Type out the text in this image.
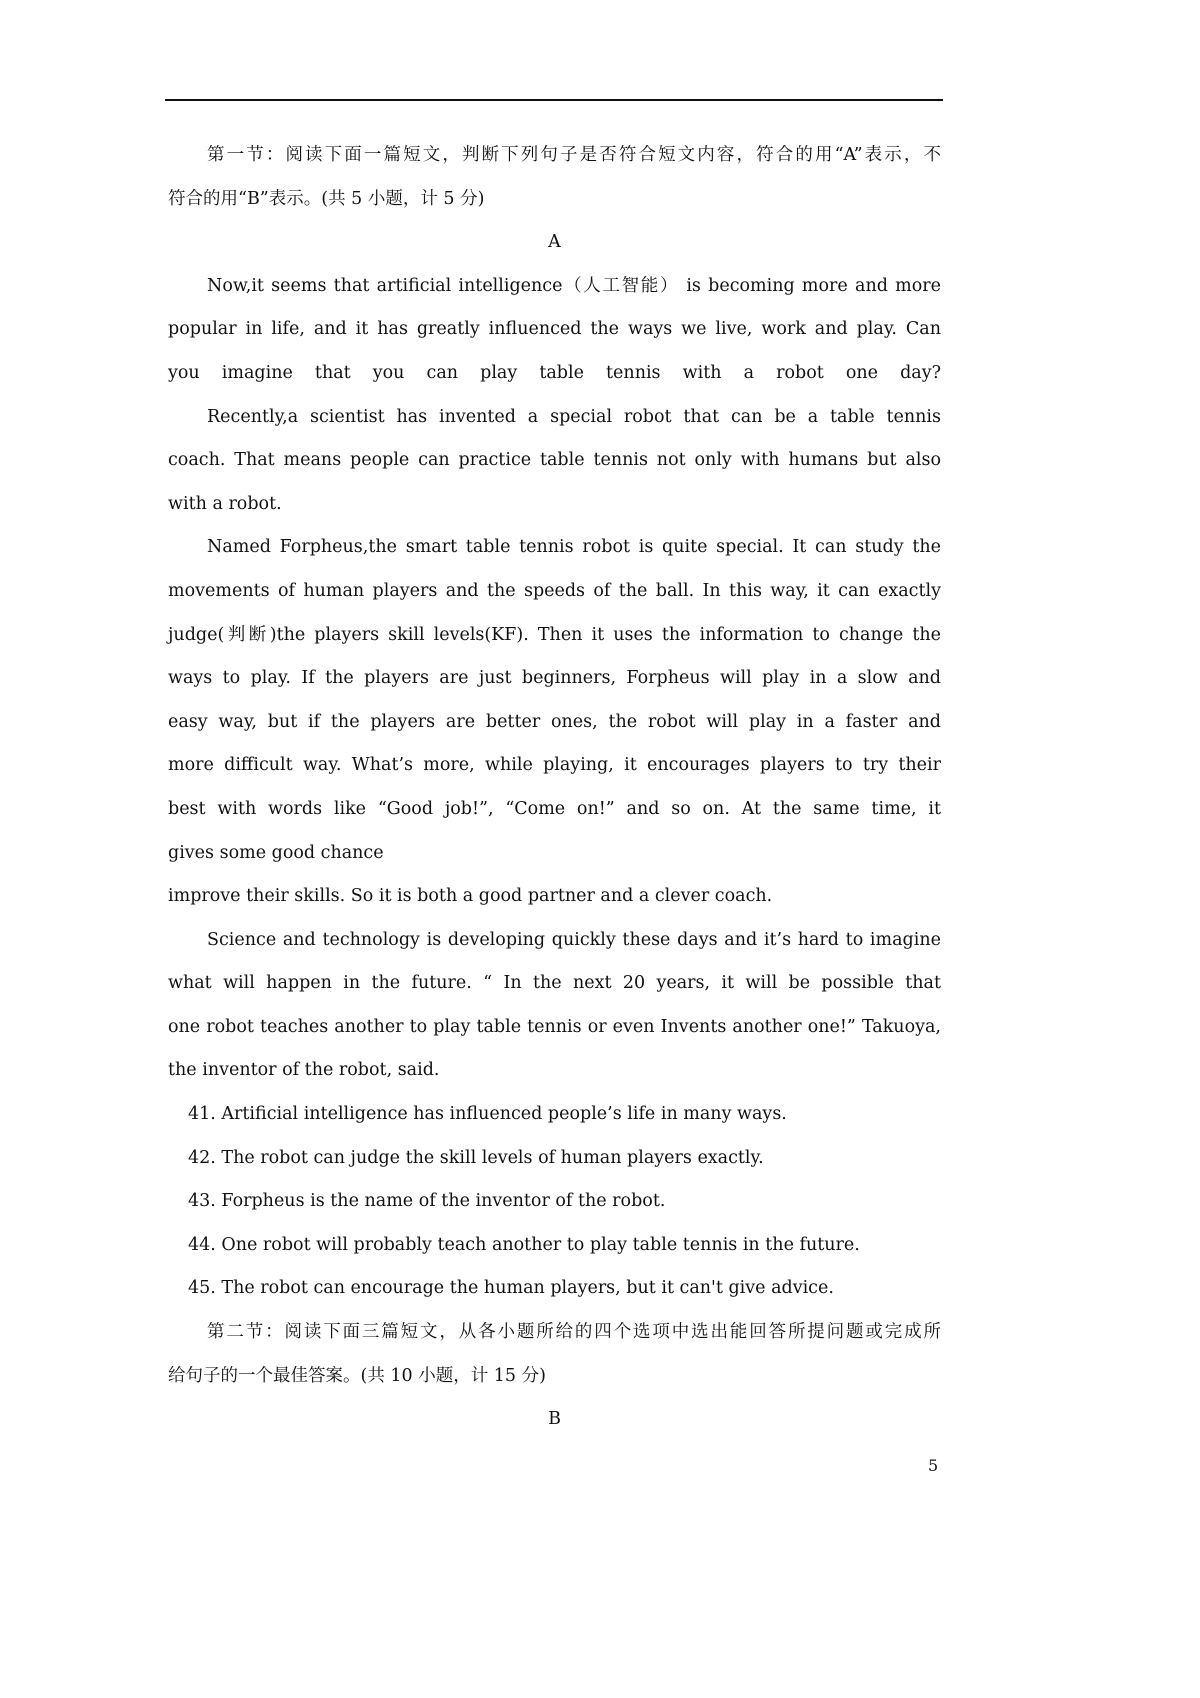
第一节：阅读下面一篇短文，判断下列句子是否符合短文内容，符合的用“A”表示，不
符合的用“B”表示。(共 5 小题，计 5 分)
A
Now,it seems that artificial intelligence（人工智能） is becoming more and more
popular in life, and it has greatly influenced the ways we live, work and play. Can
you imagine that you can play table tennis with a robot one day?
Recently,a scientist has invented a special robot that can be a table tennis
coach. That means people can practice table tennis not only with humans but also
with a robot.
Named Forpheus,the smart table tennis robot is quite special. It can study the
movements of human players and the speeds of the ball. In this way, it can exactly
judge(判断)the players skill levels(KF). Then it uses the information to change the
ways to play. If the players are just beginners, Forpheus will play in a slow and
easy way, but if the players are better ones, the robot will play in a faster and
more difficult way. What’s more, while playing, it encourages players to try their
best with words like “Good job!”, “Come on!” and so on. At the same time, it
gives some good chance
improve their skills. So it is both a good partner and a clever coach.
Science and technology is developing quickly these days and it’s hard to imagine
what will happen in the future. “ In the next 20 years, it will be possible that
one robot teaches another to play table tennis or even Invents another one!” Takuoya,
the inventor of the robot, said.
41. Artificial intelligence has influenced people’s life in many ways.
42. The robot can judge the skill levels of human players exactly.
43. Forpheus is the name of the inventor of the robot.
44. One robot will probably teach another to play table tennis in the future.
45. The robot can encourage the human players, but it can't give advice.
第二节：阅读下面三篇短文，从各小题所给的四个选项中选出能回答所提问题或完成所
给句子的一个最佳答案。(共 10 小题，计 15 分)
B
5
